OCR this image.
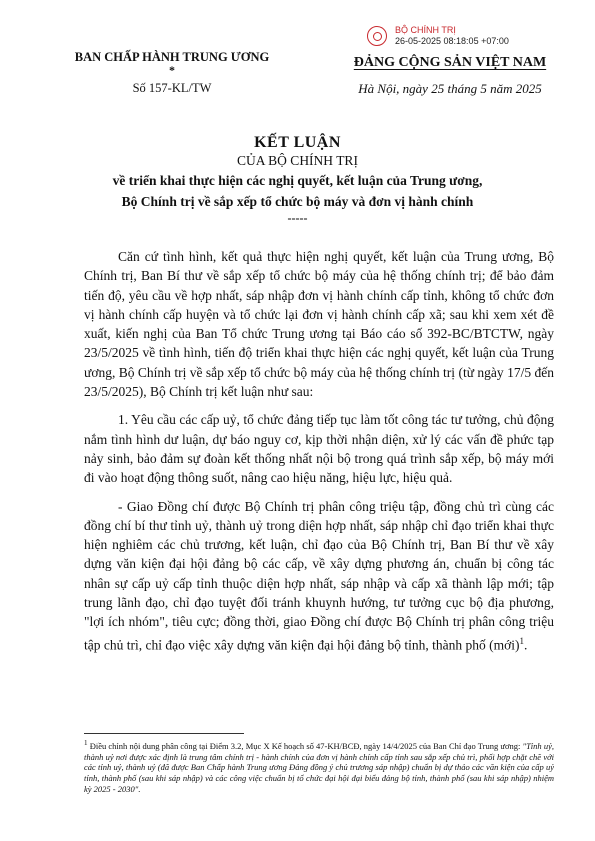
BAN CHẤP HÀNH TRUNG ƯƠNG
*
Số 157-KL/TW
BỘ CHÍNH TRỊ
26-05-2025 08:18:05 +07:00
ĐẢNG CỘNG SẢN VIỆT NAM
Hà Nội, ngày 25 tháng 5 năm 2025
KẾT LUẬN
CỦA BỘ CHÍNH TRỊ
về triển khai thực hiện các nghị quyết, kết luận của Trung ương,
Bộ Chính trị về sắp xếp tổ chức bộ máy và đơn vị hành chính
-----

Căn cứ tình hình, kết quả thực hiện nghị quyết, kết luận của Trung ương, Bộ Chính trị, Ban Bí thư về sắp xếp tổ chức bộ máy của hệ thống chính trị; để bảo đảm tiến độ, yêu cầu về hợp nhất, sáp nhập đơn vị hành chính cấp tỉnh, không tổ chức đơn vị hành chính cấp huyện và tổ chức lại đơn vị hành chính cấp xã; sau khi xem xét đề xuất, kiến nghị của Ban Tổ chức Trung ương tại Báo cáo số 392-BC/BTCTW, ngày 23/5/2025 về tình hình, tiến độ triển khai thực hiện các nghị quyết, kết luận của Trung ương, Bộ Chính trị về sắp xếp tổ chức bộ máy của hệ thống chính trị (từ ngày 17/5 đến 23/5/2025), Bộ Chính trị kết luận như sau:

1. Yêu cầu các cấp uỷ, tổ chức đảng tiếp tục làm tốt công tác tư tưởng, chủ động nắm tình hình dư luận, dự báo nguy cơ, kịp thời nhận diện, xử lý các vấn đề phức tạp nảy sinh, bảo đảm sự đoàn kết thống nhất nội bộ trong quá trình sắp xếp, bộ máy mới đi vào hoạt động thông suốt, nâng cao hiệu năng, hiệu lực, hiệu quả.

- Giao Đồng chí được Bộ Chính trị phân công triệu tập, đồng chủ trì cùng các đồng chí bí thư tỉnh uỷ, thành uỷ trong diện hợp nhất, sáp nhập chỉ đạo triển khai thực hiện nghiêm các chủ trương, kết luận, chỉ đạo của Bộ Chính trị, Ban Bí thư về xây dựng văn kiện đại hội đảng bộ các cấp, về xây dựng phương án, chuẩn bị công tác nhân sự cấp uỷ cấp tỉnh thuộc diện hợp nhất, sáp nhập và cấp xã thành lập mới; tập trung lãnh đạo, chỉ đạo tuyệt đối tránh khuynh hướng, tư tưởng cục bộ địa phương, "lợi ích nhóm", tiêu cực; đồng thời, giao Đồng chí được Bộ Chính trị phân công triệu tập chủ trì, chỉ đạo việc xây dựng văn kiện đại hội đảng bộ tỉnh, thành phố (mới)$^1$.

$^1$ Điều chỉnh nội dung phân công tại Điểm 3.2, Mục X Kế hoạch số 47-KH/BCĐ, ngày 14/4/2025 của Ban Chỉ đạo Trung ương: "Tỉnh uỷ, thành uỷ nơi được xác định là trung tâm chính trị - hành chính của đơn vị hành chính cấp tỉnh sau sắp xếp chủ trì, phối hợp chặt chẽ với các tỉnh uỷ, thành uỷ (đã được Ban Chấp hành Trung ương Đảng đồng ý chủ trương sáp nhập) chuẩn bị dự thảo các văn kiện của cấp uỷ tỉnh, thành phố (sau khi sáp nhập) và các công việc chuẩn bị tổ chức đại hội đại biểu đảng bộ tỉnh, thành phố (sau khi sáp nhập) nhiệm kỳ 2025 - 2030".
